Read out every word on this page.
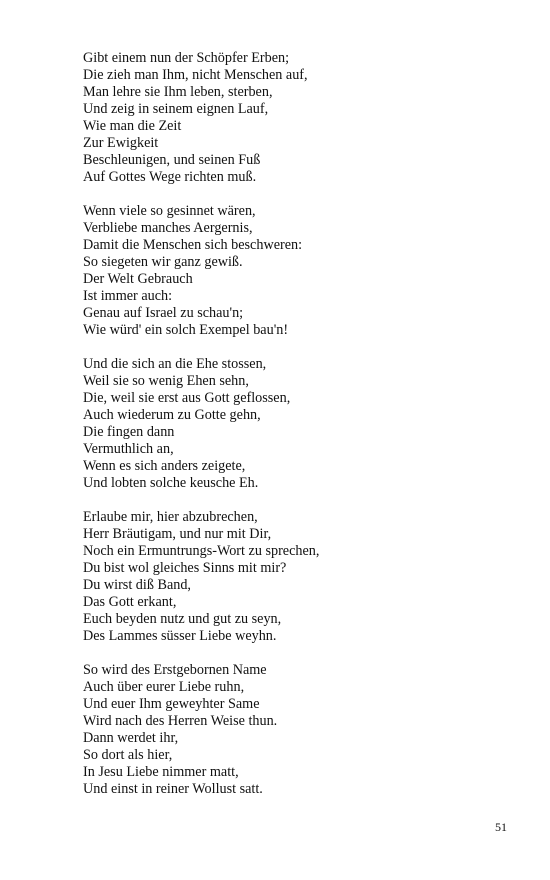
Gibt einem nun der Schöpfer Erben;
Die zieh man Ihm, nicht Menschen auf,
Man lehre sie Ihm leben, sterben,
Und zeig in seinem eignen Lauf,
Wie man die Zeit
Zur Ewigkeit
Beschleunigen, und seinen Fuß
Auf Gottes Wege richten muß.
Wenn viele so gesinnet wären,
Verbliebe manches Aergernis,
Damit die Menschen sich beschweren:
So siegeten wir ganz gewiß.
Der Welt Gebrauch
Ist immer auch:
Genau auf Israel zu schau'n;
Wie würd' ein solch Exempel bau'n!
Und die sich an die Ehe stossen,
Weil sie so wenig Ehen sehn,
Die, weil sie erst aus Gott geflossen,
Auch wiederum zu Gotte gehn,
Die fingen dann
Vermuthlich an,
Wenn es sich anders zeigete,
Und lobten solche keusche Eh.
Erlaube mir, hier abzubrechen,
Herr Bräutigam, und nur mit Dir,
Noch ein Ermuntrungs-Wort zu sprechen,
Du bist wol gleiches Sinns mit mir?
Du wirst diß Band,
Das Gott erkant,
Euch beyden nutz und gut zu seyn,
Des Lammes süsser Liebe weyhn.
So wird des Erstgebornen Name
Auch über eurer Liebe ruhn,
Und euer Ihm geweyhter Same
Wird nach des Herren Weise thun.
Dann werdet ihr,
So dort als hier,
In Jesu Liebe nimmer matt,
Und einst in reiner Wollust satt.
51
